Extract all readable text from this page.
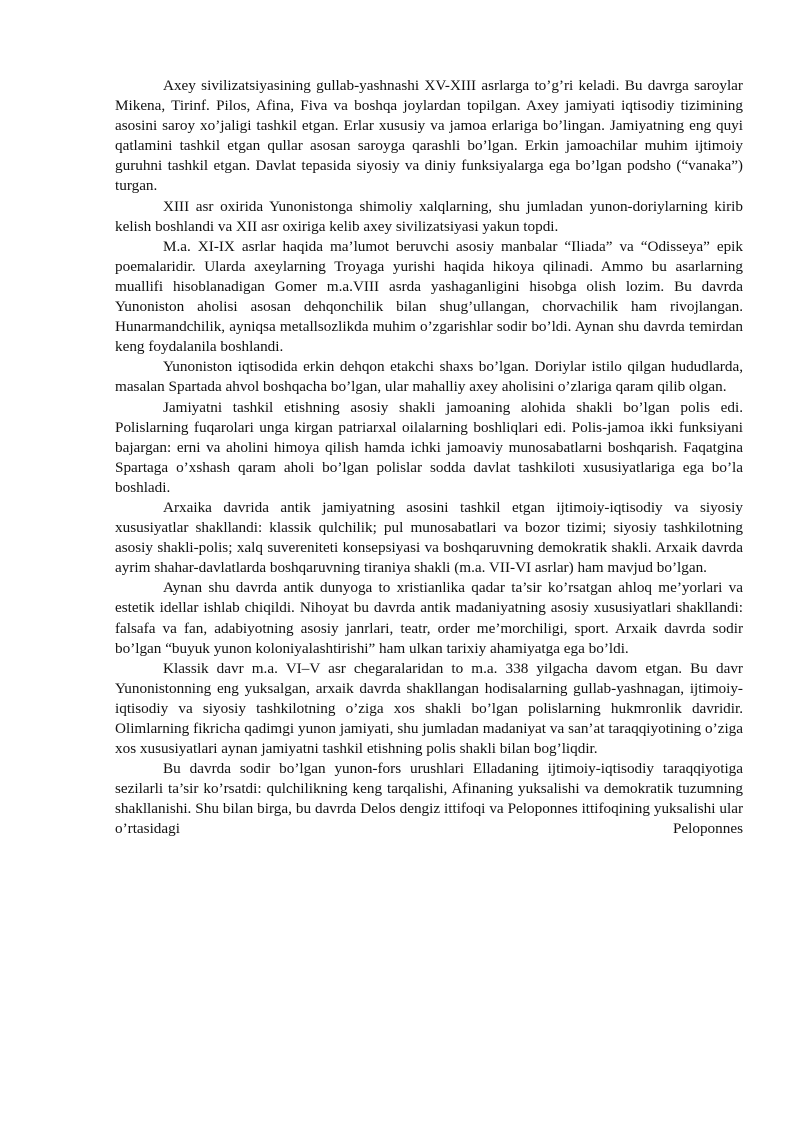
Axey sivilizatsiyasining gullab-yashnashi XV-XIII asrlarga to’g’ri keladi. Bu davrga saroylar Mikena, Tirinf. Pilos, Afina, Fiva va boshqa joylardan topilgan. Axey jamiyati iqtisodiy tizimining asosini saroy xo’jaligi tashkil etgan. Erlar xususiy va jamoa erlariga bo’lingan. Jamiyatning eng quyi qatlamini tashkil etgan qullar asosan saroyga qarashli bo’lgan. Erkin jamoachilar muhim ijtimoiy guruhni tashkil etgan. Davlat tepasida siyosiy va diniy funksiyalarga ega bo’lgan podsho (“vanaka”) turgan.

XIII asr oxirida Yunonistonga shimoliy xalqlarning, shu jumladan yunon-doriylarning kirib kelish boshlandi va XII asr oxiriga kelib axey sivilizatsiyasi yakun topdi.

M.a. XI-IX asrlar haqida ma’lumot beruvchi asosiy manbalar “Iliada” va “Odisseya” epik poemalaridir. Ularda axeylarning Troyaga yurishi haqida hikoya qilinadi. Ammo bu asarlarning muallifi hisoblanadigan Gomer m.a.VIII asrda yashaganligini hisobga olish lozim. Bu davrda Yunoniston aholisi asosan dehqonchilik bilan shug’ullangan, chorvachilik ham rivojlangan. Hunarmandchilik, ayniqsa metallsozlikda muhim o’zgarishlar sodir bo’ldi. Aynan shu davrda temirdan keng foydalanila boshlandi.

Yunoniston iqtisodida erkin dehqon etakchi shaxs bo’lgan. Doriylar istilo qilgan hududlarda, masalan Spartada ahvol boshqacha bo’lgan, ular mahalliy axey aholisini o’zlariga qaram qilib olgan.

Jamiyatni tashkil etishning asosiy shakli jamoaning alohida shakli bo’lgan polis edi. Polislarning fuqarolari unga kirgan patriarxal oilalarning boshliqlari edi. Polis-jamoa ikki funksiyani bajargan: erni va aholini himoya qilish hamda ichki jamoaviy munosabatlarni boshqarish. Faqatgina Spartaga o’xshash qaram aholi bo’lgan polislar sodda davlat tashkiloti xususiyatlariga ega bo’la boshladi.

Arxaika davrida antik jamiyatning asosini tashkil etgan ijtimoiy-iqtisodiy va siyosiy xususiyatlar shakllandi: klassik qulchilik; pul munosabatlari va bozor tizimi; siyosiy tashkilotning asosiy shakli-polis; xalq suvereniteti konsepsiyasi va boshqaruvning demokratik shakli. Arxaik davrda ayrim shahar-davlatlarda boshqaruvning tiraniya shakli (m.a. VII-VI asrlar) ham mavjud bo’lgan.

Aynan shu davrda antik dunyoga to xristianlika qadar ta’sir ko’rsatgan ahloq me’yorlari va estetik idellar ishlab chiqildi. Nihoyat bu davrda antik madaniyatning asosiy xususiyatlari shakllandi: falsafa va fan, adabiyotning asosiy janrlari, teatr, order me’morchiligi, sport. Arxaik davrda sodir bo’lgan “buyuk yunon koloniyalashtirishi” ham ulkan tarixiy ahamiyatga ega bo’ldi.

Klassik davr m.a. VI–V asr chegaralaridan to m.a. 338 yilgacha davom etgan. Bu davr Yunonistonning eng yuksalgan, arxaik davrda shakllangan hodisalarning gullab-yashnagan, ijtimoiy-iqtisodiy va siyosiy tashkilotning o’ziga xos shakli bo’lgan polislarning hukmronlik davridir. Olimlarning fikricha qadimgi yunon jamiyati, shu jumladan madaniyat va san’at taraqqiyotining o’ziga xos xususiyatlari aynan jamiyatni tashkil etishning polis shakli bilan bog’liqdir.

Bu davrda sodir bo’lgan yunon-fors urushlari Elladaning ijtimoiy-iqtisodiy taraqqiyotiga sezilarli ta’sir ko’rsatdi: qulchilikning keng tarqalishi, Afinaning yuksalishi va demokratik tuzumning shakllanishi. Shu bilan birga, bu davrda Delos dengiz ittifoqi va Peloponnes ittifoqining yuksalishi ular o’rtasidagi Peloponnes
